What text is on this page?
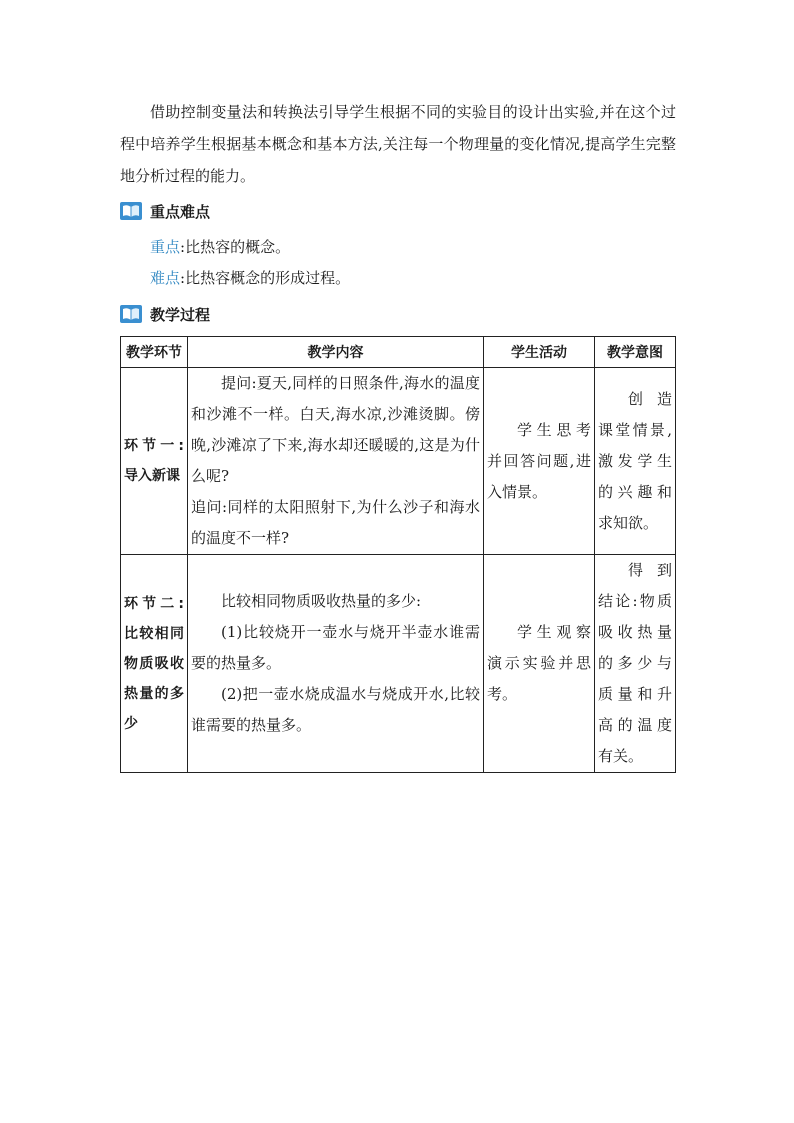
借助控制变量法和转换法引导学生根据不同的实验目的设计出实验,并在这个过程中培养学生根据基本概念和基本方法,关注每一个物理量的变化情况,提高学生完整地分析过程的能力。

重点难点
重点:比热容的概念。
难点:比热容概念的形成过程。
教学过程
教学环节	教学内容	学生活动	教学意图
环节一:导入新课	提问:夏天,同样的日照条件,海水的温度和沙滩不一样。白天,海水凉,沙滩烫脚。傍晚,沙滩凉了下来,海水却还暖暖的,这是为什么呢?

追问:同样的太阳照射下,为什么沙子和海水的温度不一样?	学生思考并回答问题,进入情景。	创造课堂情景,激发学生的兴趣和求知欲。
环节二:比较相同物质吸收热量的多少	比较相同物质吸收热量的多少:

(1)比较烧开一壶水与烧开半壶水谁需要的热量多。

(2)把一壶水烧成温水与烧成开水,比较谁需要的热量多。	学生观察演示实验并思考。	得到结论:物质吸收热量的多少与质量和升高的温度有关。
